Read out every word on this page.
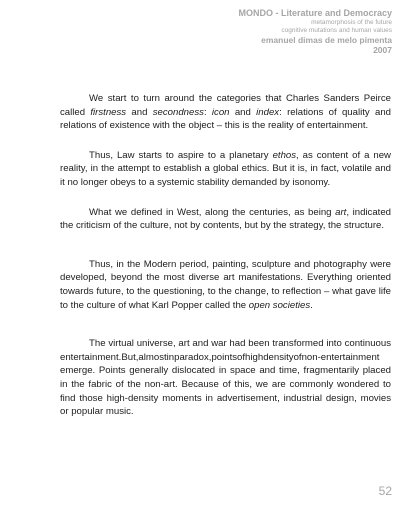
MONDO - Literature and Democracy
metamorphosis of the future
cognitive mutations and human values
emanuel dimas de melo pimenta
2007

We start to turn around the categories that Charles Sanders Peirce called firstness and secondness: icon and index: relations of quality and relations of existence with the object – this is the reality of entertainment.

Thus, Law starts to aspire to a planetary ethos, as content of a new reality, in the attempt to establish a global ethics. But it is, in fact, volatile and it no longer obeys to a systemic stability demanded by isonomy.

What we defined in West, along the centuries, as being art, indicated the criticism of the culture, not by contents, but by the strategy, the structure.

Thus, in the Modern period, painting, sculpture and photography were developed, beyond the most diverse art manifestations. Everything oriented towards future, to the questioning, to the change, to reflection – what gave life to the culture of what Karl Popper called the open societies.

The virtual universe, art and war had been transformed into continuous entertainment.But,almostinparadox,pointsofhighdensityofnon-entertainment emerge. Points generally dislocated in space and time, fragmentarily placed in the fabric of the non-art. Because of this, we are commonly wondered to find those high-density moments in advertisement, industrial design, movies or popular music.

52
